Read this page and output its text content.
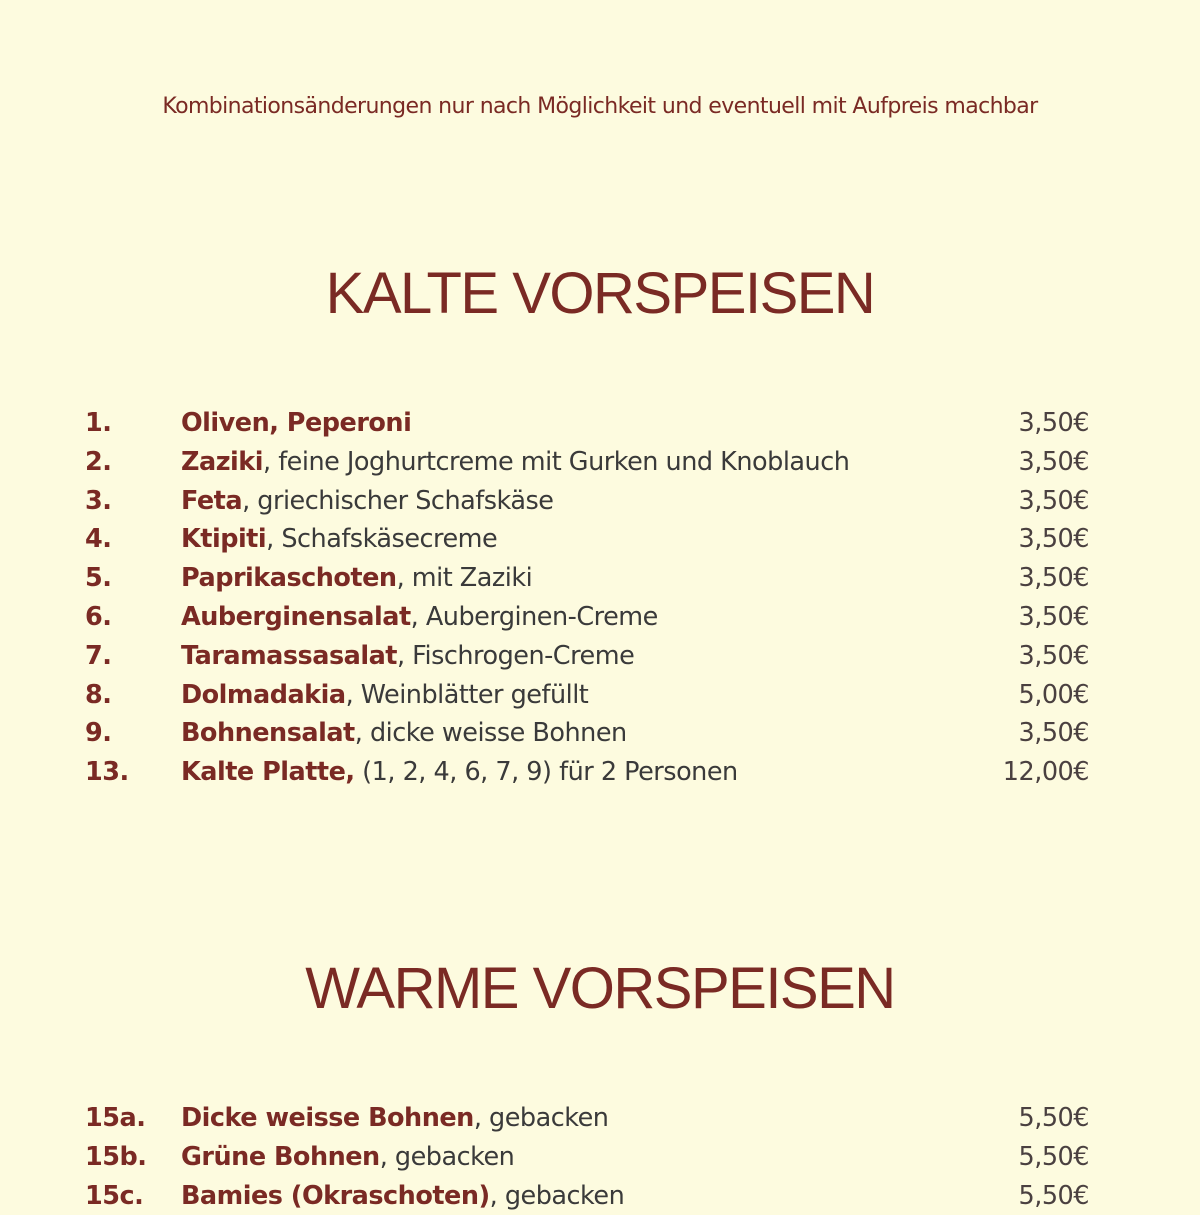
Kombinationsänderungen nur nach Möglichkeit und eventuell mit Aufpreis machbar
KALTE VORSPEISEN
1.	Oliven, Peperoni	3,50€
2.	Zaziki, feine Joghurtcreme mit Gurken und Knoblauch	3,50€
3.	Feta, griechischer Schafskäse	3,50€
4.	Ktipiti, Schafskäsecreme	3,50€
5.	Paprikaschoten, mit Zaziki	3,50€
6.	Auberginensalat, Auberginen-Creme	3,50€
7.	Taramassasalat, Fischrogen-Creme	3,50€
8.	Dolmadakia, Weinblätter gefüllt	5,00€
9.	Bohnensalat, dicke weisse Bohnen	3,50€
13. Kalte Platte, (1, 2, 4, 6, 7, 9) für 2 Personen	12,00€
WARME VORSPEISEN
15a. Dicke weisse Bohnen, gebacken	5,50€
15b. Grüne Bohnen, gebacken	5,50€
15c. Bamies (Okraschoten), gebacken	5,50€
